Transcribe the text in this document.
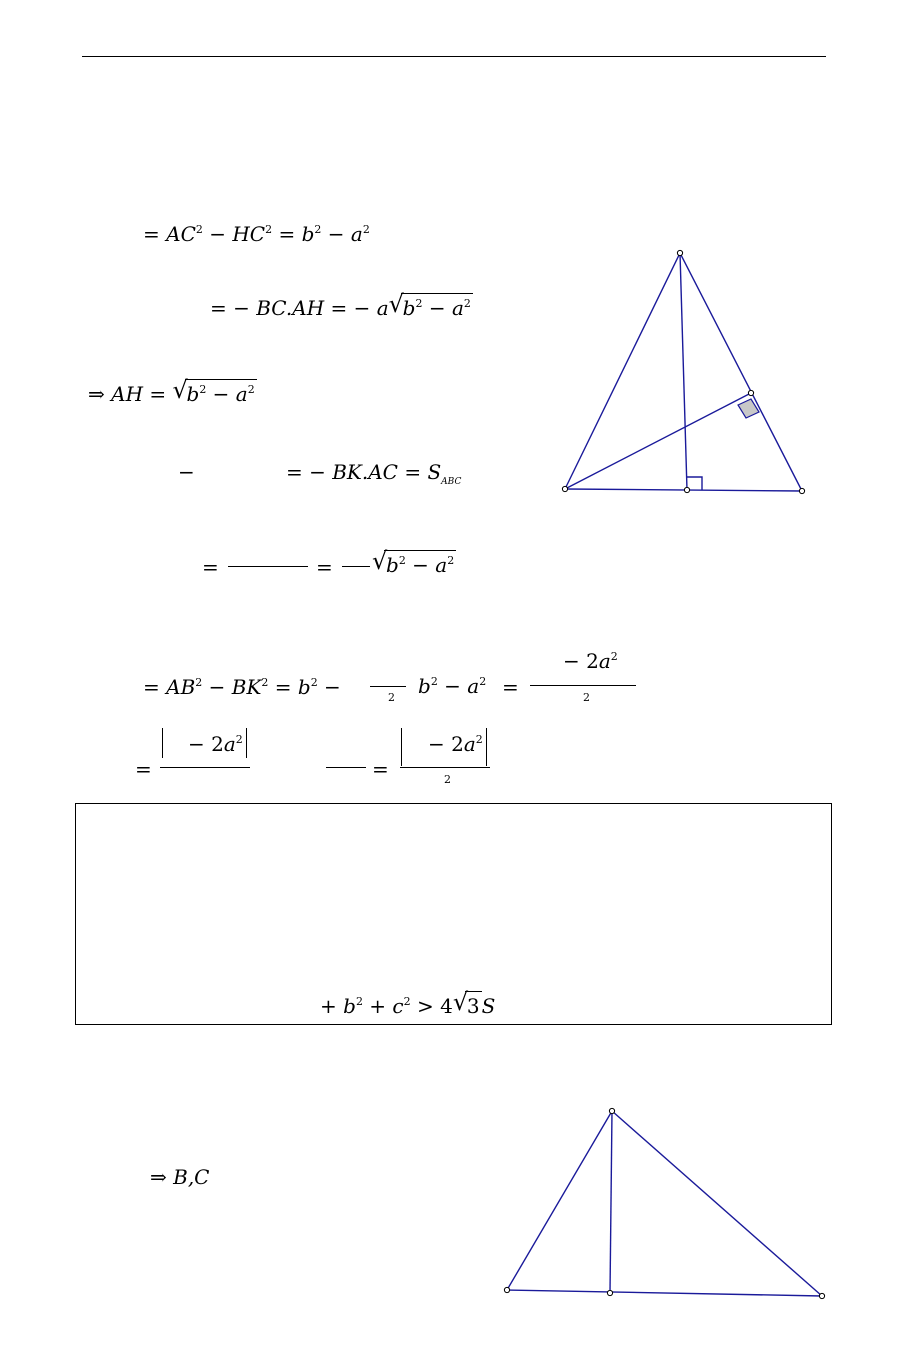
= $AC^2 - HC^2 = b^2 - a^2$
= − BC.AH = − a √
$b^2 - a^2$
⇒ AH = √
$b^2 - a^2$
−	= − $BK.AC = S_{ABC}$
=	= √
$b^2 - a^2$
= $AB^2 - BK^2 = b^2$ −	2 $b^2 - a^2$ =
− $2a^2$
2
=
− $2a^2$
=
− $2a^2$
2
+ $b^2 + c^2 > 4$ √
3 S
⇒ B,C
